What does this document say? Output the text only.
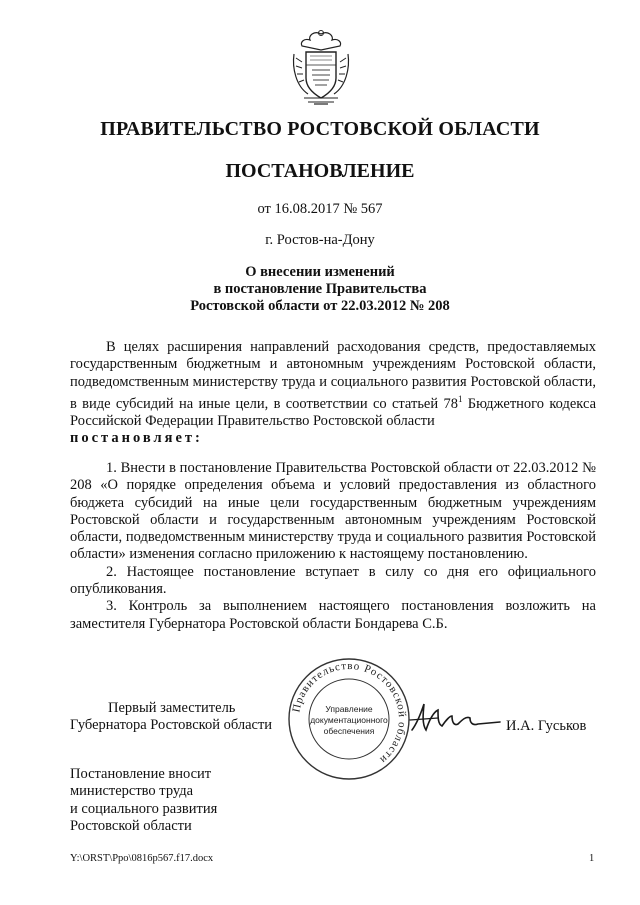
ПРАВИТЕЛЬСТВО РОСТОВСКОЙ ОБЛАСТИ
ПОСТАНОВЛЕНИЕ
от 16.08.2017 № 567
г. Ростов-на-Дону
О внесении изменений
в постановление Правительства
Ростовской области от 22.03.2012 № 208

В целях расширения направлений расходования средств, предоставляемых государственным бюджетным и автономным учреждениям Ростовской области, подведомственным министерству труда и социального развития Ростовской области, в виде субсидий на иные цели, в соответствии со статьей $78^1$ Бюджетного кодекса Российской Федерации Правительство Ростовской области

постановляет:

1. Внести в постановление Правительства Ростовской области от 22.03.2012 № 208 «О порядке определения объема и условий предоставления из областного бюджета субсидий на иные цели государственным бюджетным учреждениям Ростовской области и государственным автономным учреждениям Ростовской области, подведомственным министерству труда и социального развития Ростовской области» изменения согласно приложению к настоящему постановлению.

2. Настоящее постановление вступает в силу со дня его официального опубликования.

3. Контроль за выполнением настоящего постановления возложить на заместителя Губернатора Ростовской области Бондарева С.Б.

Первый заместитель
Губернатора Ростовской области
Правительство Ростовской области
Управление
документационного
обеспечения	И.А. Гуськов
Постановление вносит
министерство труда
и социального развития
Ростовской области
Y:\ORST\Ppo\0816p567.f17.docx	1
